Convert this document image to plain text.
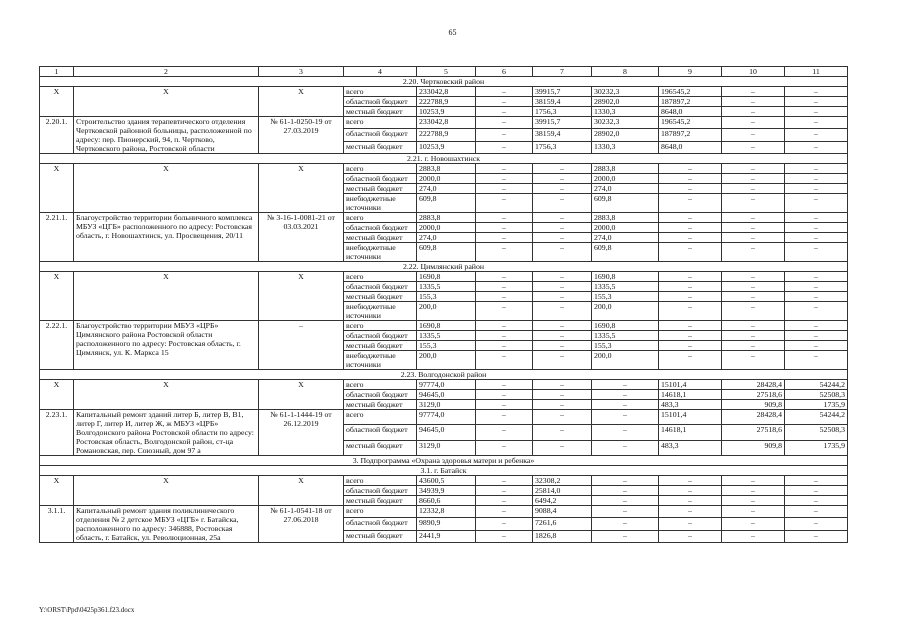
65
1	2	3	4	5	6	7	8	9	10	11
2.20. Чертковский район										
Х	Х	Х	всего	233042,8	–	39915,7	30232,3	196545,2	–	–
			областной бюджет	222788,9	–	38159,4	28902,0	187897,2	–	–
			местный бюджет	10253,9	–	1756,3	1330,3	8648,0	–	–
2.20.1.	Строительство здания терапевтического отделения Чертковской районной больницы, расположенной по адресу: пер. Пионерский, 94, п. Чертково, Чертковского района, Ростовской области	№ 61-1-0250-19 от 27.03.2019	всего	233042,8	–	39915,7	30232,3	196545,2	–	–
			областной бюджет	222788,9	–	38159,4	28902,0	187897,2	–	–
			местный бюджет	10253,9	–	1756,3	1330,3	8648,0	–	–
2.21. г. Новошахтинск										
Х	Х	Х	всего	2883,8	–	–	2883,8	–	–	–
			областной бюджет	2000,0	–	–	2000,0	–	–	–
			местный бюджет	274,0	–	–	274,0	–	–	–
			внебюджетные источники	609,8	–	–	609,8	–	–	–
2.21.1.	Благоустройство территории больничного комплекса МБУЗ «ЦГБ» расположенного по адресу: Ростовская область, г. Новошахтинск, ул. Просвещения, 20/11	№ 3-16-1-0081-21 от 03.03.2021	всего	2883,8	–	–	2883,8	–	–	–
			областной бюджет	2000,0	–	–	2000,0	–	–	–
			местный бюджет	274,0	–	–	274,0	–	–	–
			внебюджетные источники	609,8	–	–	609,8	–	–	–
2.22. Цимлянский район										
Х	Х	Х	всего	1690,8	–	–	1690,8	–	–	–
			областной бюджет	1335,5	–	–	1335,5	–	–	–
			местный бюджет	155,3	–	–	155,3	–	–	–
			внебюджетные источники	200,0	–	–	200,0	–	–	–
2.22.1.	Благоустройство территории МБУЗ «ЦРБ» Цимлянского района Ростовской области расположенного по адресу: Ростовская область, г. Цимлянск, ул. К. Маркса 15	–	всего	1690,8	–	–	1690,8	–	–	–
			областной бюджет	1335,5	–	–	1335,5	–	–	–
			местный бюджет	155,3	–	–	155,3	–	–	–
			внебюджетные источники	200,0	–	–	200,0	–	–	–
2.23. Волгодонской район										
Х	Х	Х	всего	97774,0	–	–	–	15101,4	28428,4	54244,2
			областной бюджет	94645,0	–	–	–	14618,1	27518,6	52508,3
			местный бюджет	3129,0	–	–	–	483,3	909,8	1735,9
2.23.1.	Капитальный ремонт зданий литер Б, литер В, В1, литер Г, литер И, литер Ж, ж МБУЗ «ЦРБ» Волгодонского района Ростовской области по адресу: Ростовская область, Волгодонской район, ст-ца Романовская, пер. Союзный, дом 97 а	№ 61-1-1444-19 от 26.12.2019	всего	97774,0	–	–	–	15101,4	28428,4	54244,2
			областной бюджет	94645,0	–	–	–	14618,1	27518,6	52508,3
			местный бюджет	3129,0	–	–	–	483,3	909,8	1735,9
3. Подпрограмма «Охрана здоровья матери и ребенка»										
3.1. г. Батайск										
Х	Х	Х	всего	43600,5	–	32308,2	–	–	–	–
			областной бюджет	34939,9	–	25814,0	–	–	–	–
			местный бюджет	8660,6	–	6494,2	–	–	–	–
3.1.1.	Капитальный ремонт здания поликлинического отделения № 2 детское МБУЗ «ЦГБ» г. Батайска, расположенного по адресу: 346888, Ростовская область, г. Батайск, ул. Революционная, 25а	№ 61-1-0541-18 от 27.06.2018	всего	12332,8	–	9088,4	–	–	–	–
			областной бюджет	9890,9	–	7261,6	–	–	–	–
			местный бюджет	2441,9	–	1826,8	–	–	–	–
Y:\ORST\Ppd\0425p361.f23.docx
